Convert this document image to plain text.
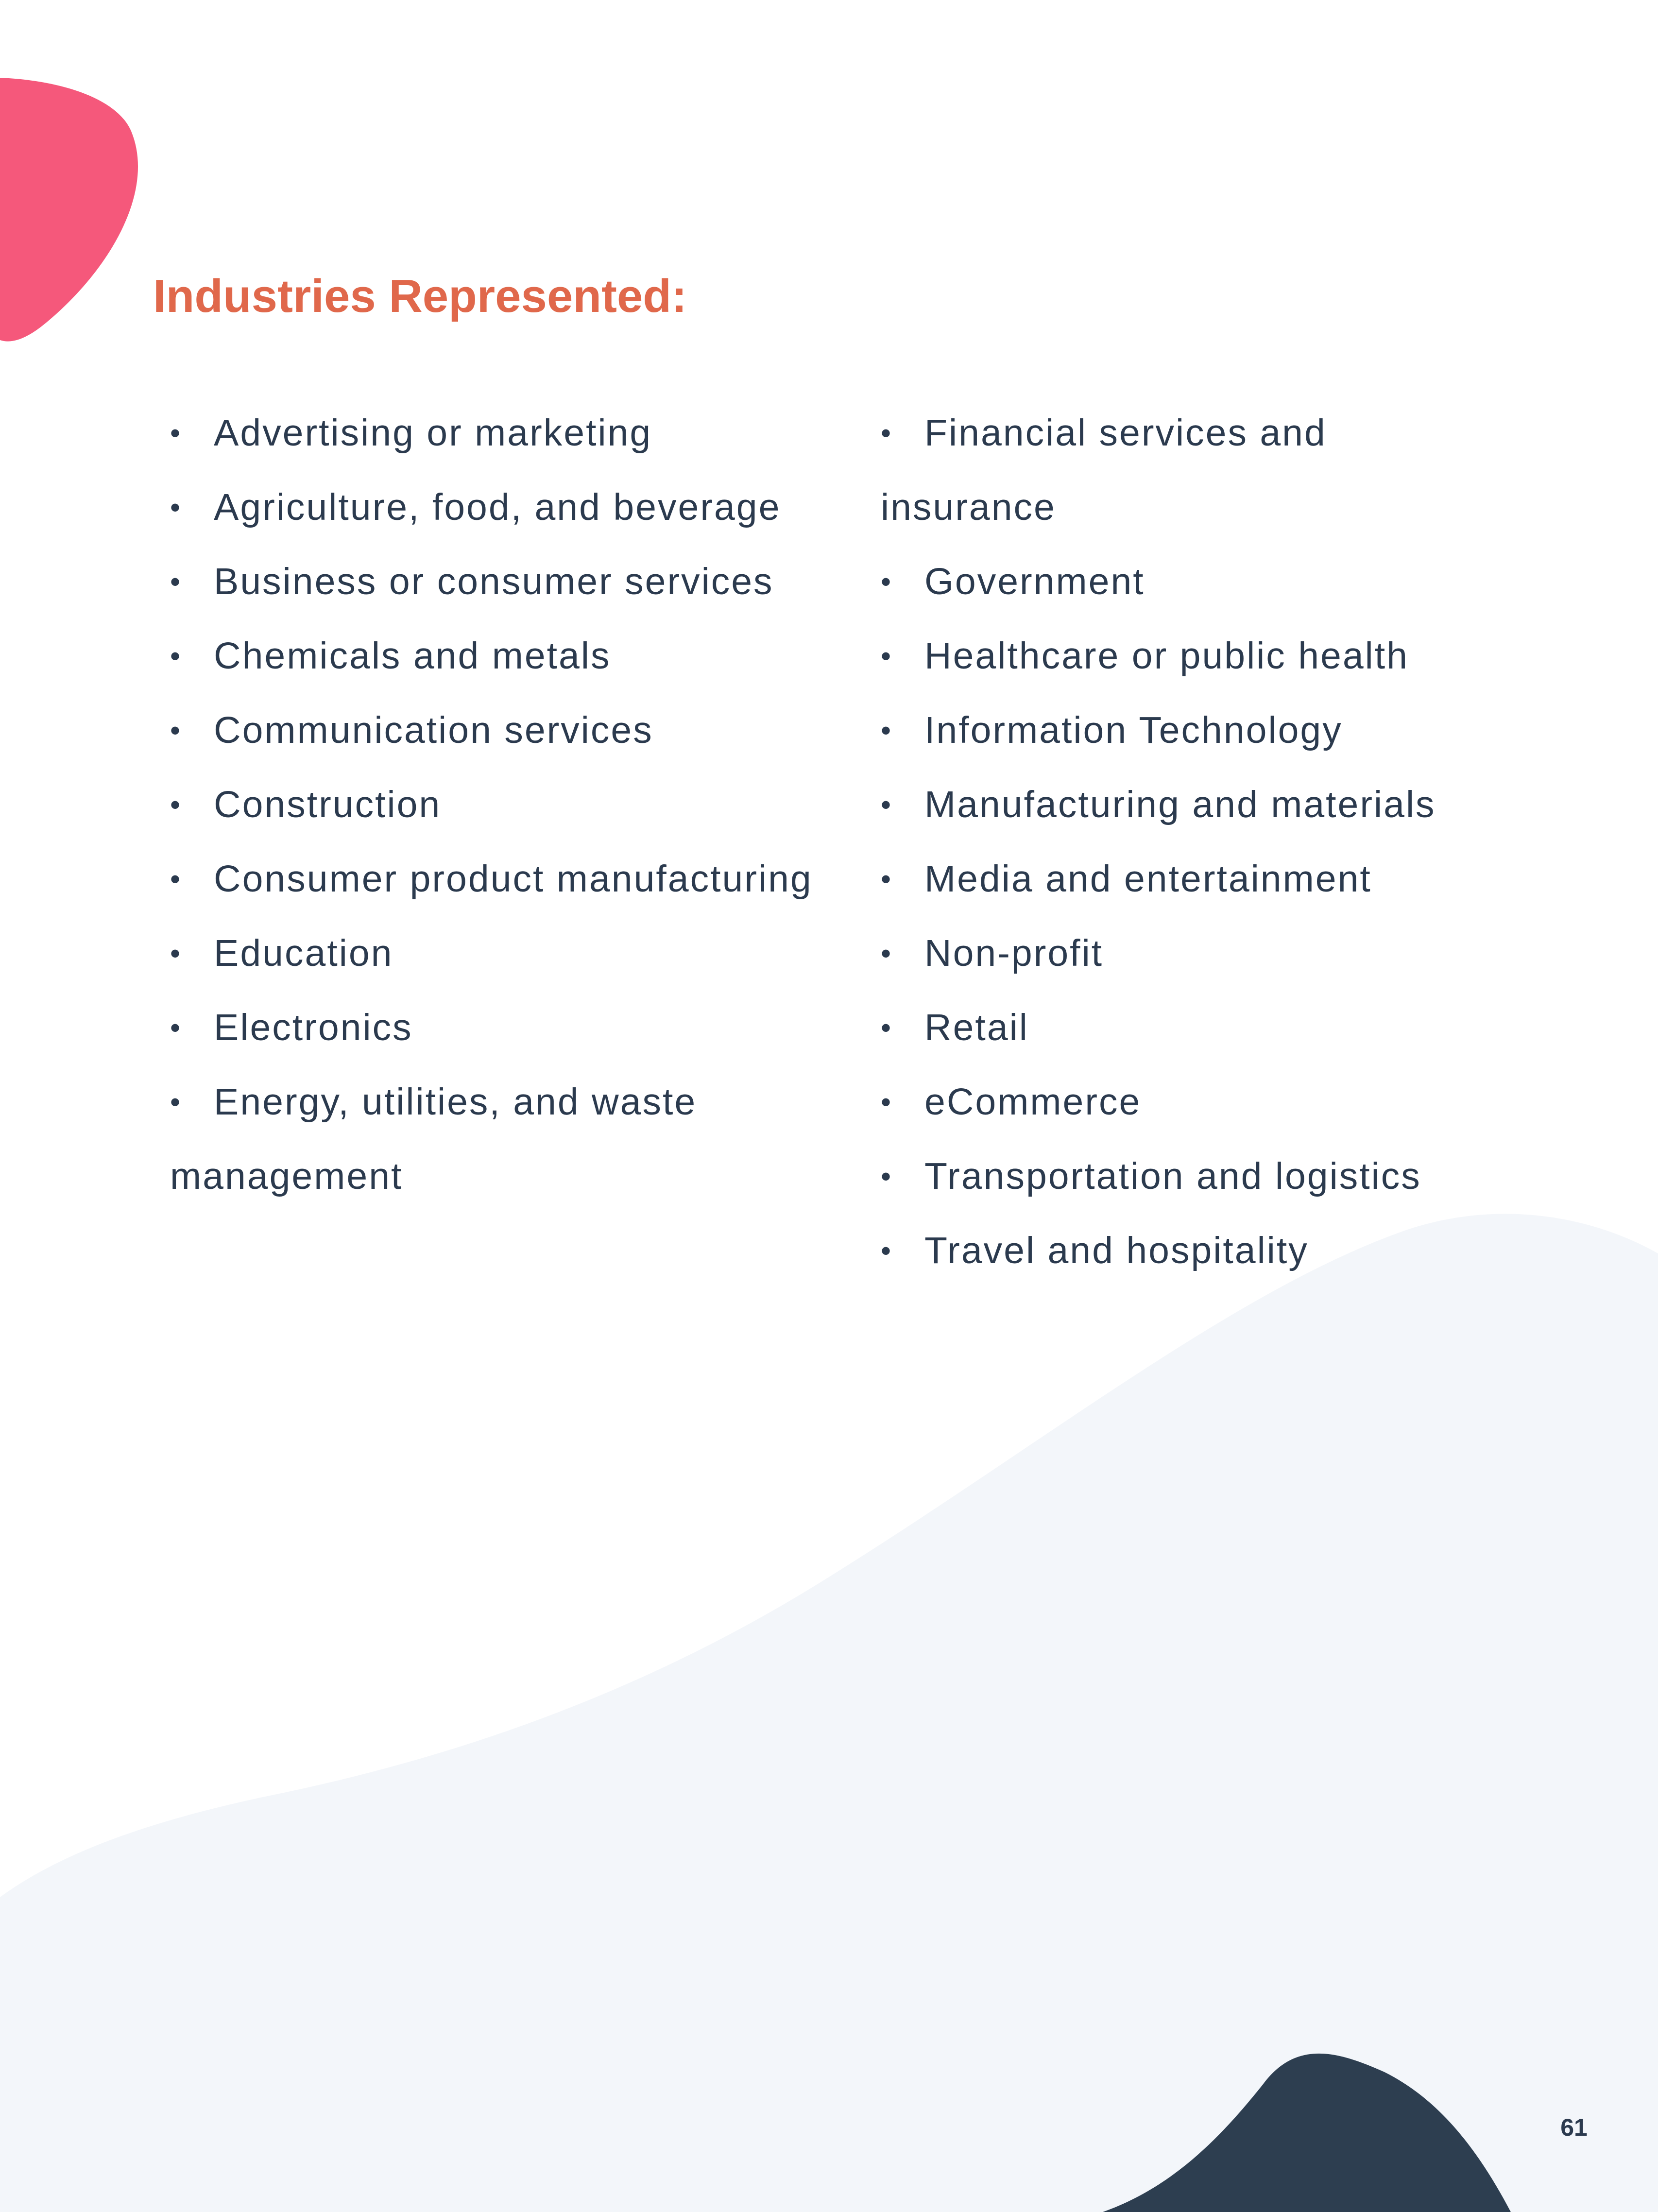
Industries Represented:
• Advertising or marketing
• Agriculture, food, and beverage
• Business or consumer services
• Chemicals and metals
• Communication services
• Construction
• Consumer product manufacturing
• Education
• Electronics
• Energy, utilities, and waste
management
• Financial services and
insurance
• Government
• Healthcare or public health
• Information Technology
• Manufacturing and materials
• Media and entertainment
• Non-profit
• Retail
• eCommerce
• Transportation and logistics
• Travel and hospitality
61
